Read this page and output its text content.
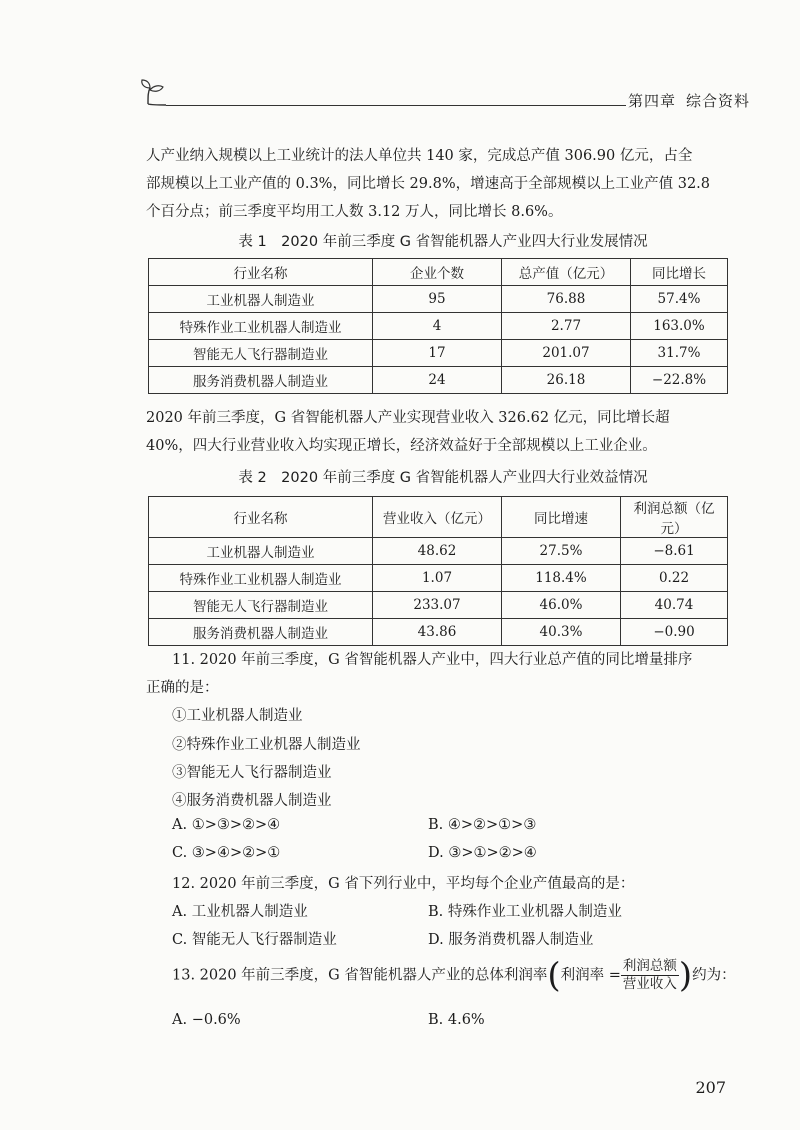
第四章 综合资料

人产业纳入规模以上工业统计的法人单位共 140 家，完成总产值 306.90 亿元，占全

部规模以上工业产值的 0.3%，同比增长 29.8%，增速高于全部规模以上工业产值 32.8

个百分点；前三季度平均用工人数 3.12 万人，同比增长 8.6%。

表 1　2020 年前三季度 G 省智能机器人产业四大行业发展情况
行业名称	企业个数	总产值（亿元）	同比增长
工业机器人制造业	95	76.88	57.4%
特殊作业工业机器人制造业	4	2.77	163.0%
智能无人飞行器制造业	17	201.07	31.7%
服务消费机器人制造业	24	26.18	−22.8%

2020 年前三季度，G 省智能机器人产业实现营业收入 326.62 亿元，同比增长超

40%，四大行业营业收入均实现正增长，经济效益好于全部规模以上工业企业。

表 2　2020 年前三季度 G 省智能机器人产业四大行业效益情况
行业名称	营业收入（亿元）	同比增速	利润总额（亿元）
工业机器人制造业	48.62	27.5%	−8.61
特殊作业工业机器人制造业	1.07	118.4%	0.22
智能无人飞行器制造业	233.07	46.0%	40.74
服务消费机器人制造业	43.86	40.3%	−0.90
11. 2020 年前三季度，G 省智能机器人产业中，四大行业总产值的同比增量排序
正确的是：
①工业机器人制造业
②特殊作业工业机器人制造业
③智能无人飞行器制造业
④服务消费机器人制造业
A. ①>③>②>④	B. ④>②>①>③
C. ③>④>②>①	D. ③>①>②>④
12. 2020 年前三季度，G 省下列行业中，平均每个企业产值最高的是：
A. 工业机器人制造业	B. 特殊作业工业机器人制造业
C. 智能无人飞行器制造业	D. 服务消费机器人制造业
13. 2020 年前三季度，G 省智能机器人产业的总体利润率(利润率 = $\frac{\text{利润总额}}{\text{营业收入}}$ )约为：
A. −0.6%	B. 4.6%
207
